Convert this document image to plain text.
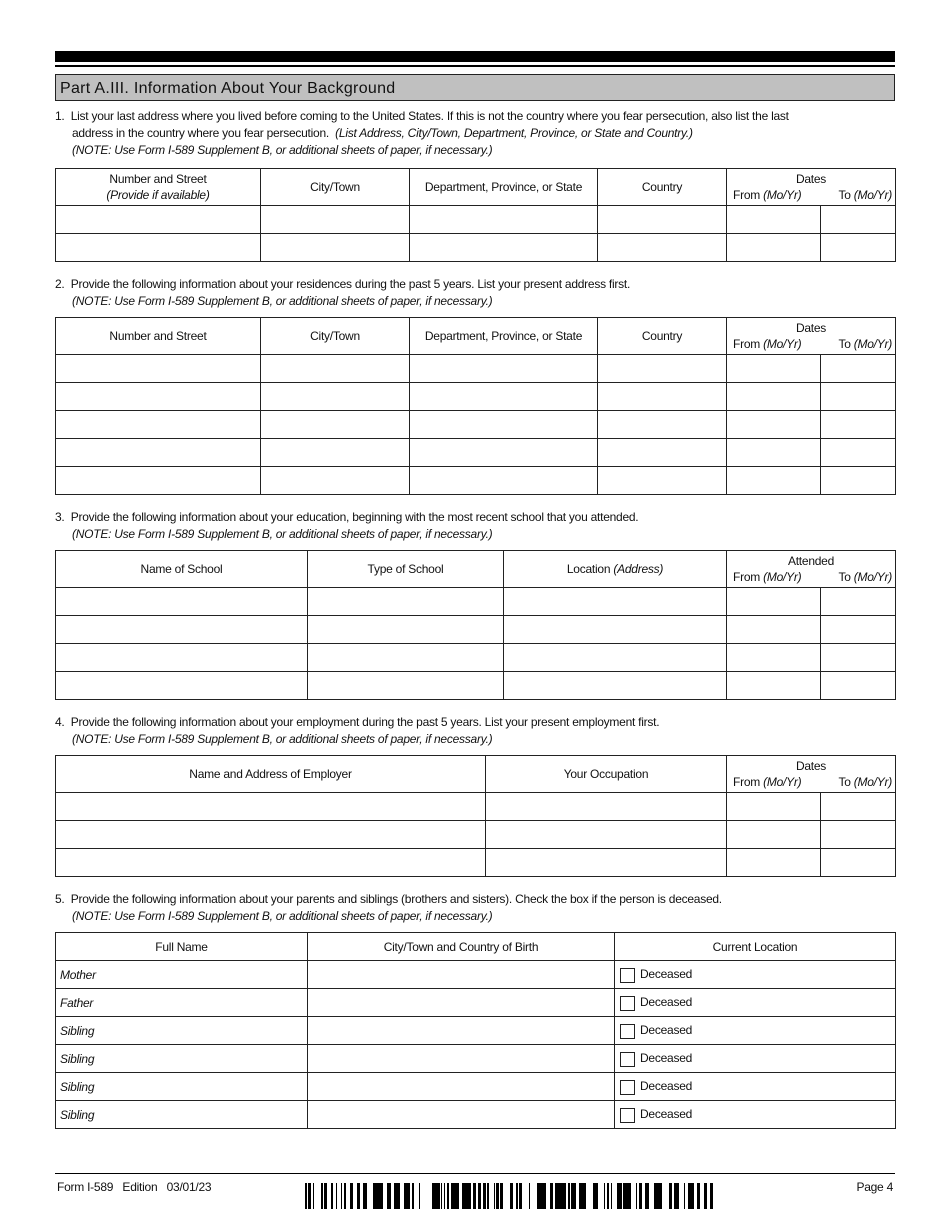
Part A.III. Information About Your Background
1. List your last address where you lived before coming to the United States. If this is not the country where you fear persecution, also list the last
address in the country where you fear persecution. (List Address, City/Town, Department, Province, or State and Country.)
(NOTE: Use Form I-589 Supplement B, or additional sheets of paper, if necessary.)
Number and Street
(Provide if available)	City/Town	Department, Province, or State	Country	Dates
From (Mo/Yr) To (Mo/Yr)	

2. Provide the following information about your residences during the past 5 years. List your present address first.
(NOTE: Use Form I-589 Supplement B, or additional sheets of paper, if necessary.)
Number and Street	City/Town	Department, Province, or State	Country	Dates
From (Mo/Yr) To (Mo/Yr)	

3. Provide the following information about your education, beginning with the most recent school that you attended.
(NOTE: Use Form I-589 Supplement B, or additional sheets of paper, if necessary.)
Name of School	Type of School	Location (Address)	Attended
From (Mo/Yr) To (Mo/Yr)	

4. Provide the following information about your employment during the past 5 years. List your present employment first.
(NOTE: Use Form I-589 Supplement B, or additional sheets of paper, if necessary.)
Name and Address of Employer	Your Occupation	Dates
From (Mo/Yr) To (Mo/Yr)	

5. Provide the following information about your parents and siblings (brothers and sisters). Check the box if the person is deceased.
(NOTE: Use Form I-589 Supplement B, or additional sheets of paper, if necessary.)
Full Name	City/Town and Country of Birth	Current Location
Mother		Deceased
Father		Deceased
Sibling		Deceased
Sibling		Deceased
Sibling		Deceased
Sibling		Deceased
Form I-589   Edition   03/01/23	Page 4
